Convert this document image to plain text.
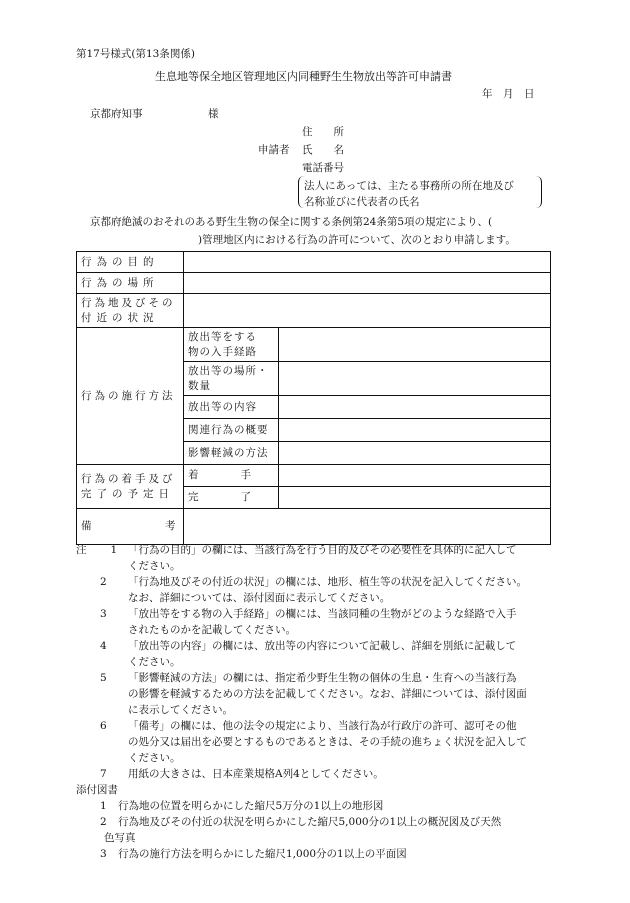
第17号様式(第13条関係)
生息地等保全地区管理地区内同種野生生物放出等許可申請書
年　月　日
京都府知事	様
住　　所
申請者 氏　　名
電話番号
法人にあっては、主たる事務所の所在地及び
名称並びに代表者の氏名
京都府絶滅のおそれのある野生生物の保全に関する条例第24条第5項の規定により、(
)管理地区内における行為の許可について、次のとおり申請します。
行為の目的		
行為の場所		

行為地及びその
付近の状況		

行為の施行方法	放出等をする
物の入手経路	

	放出等の場所・
数量	

	放出等の内容	
	関連行為の概要	
	影響軽減の方法	

行為の着手及び
完了の予定日	着　　　　手	
	完　　　　了	
備　　　　　　　考		
注 1 「行為の目的」の欄には、当該行為を行う目的及びその必要性を具体的に記入して
ください。
2 「行為地及びその付近の状況」の欄には、地形、植生等の状況を記入してください。
なお、詳細については、添付図面に表示してください。
3 「放出等をする物の入手経路」の欄には、当該同種の生物がどのような経路で入手
されたものかを記載してください。
4 「放出等の内容」の欄には、放出等の内容について記載し、詳細を別紙に記載して
ください。
5 「影響軽減の方法」の欄には、指定希少野生生物の個体の生息・生育への当該行為
の影響を軽減するための方法を記載してください。なお、詳細については、添付図面
に表示してください。
6 「備考」の欄には、他の法令の規定により、当該行為が行政庁の許可、認可その他
の処分又は届出を必要とするものであるときは、その手続の進ちょく状況を記入して
ください。
7 用紙の大きさは、日本産業規格A列4としてください。

添付図書

1 行為地の位置を明らかにした縮尺5万分の1以上の地形図
2 行為地及びその付近の状況を明らかにした縮尺5,000分の1以上の概況図及び天然
色写真
3 行為の施行方法を明らかにした縮尺1,000分の1以上の平面図
